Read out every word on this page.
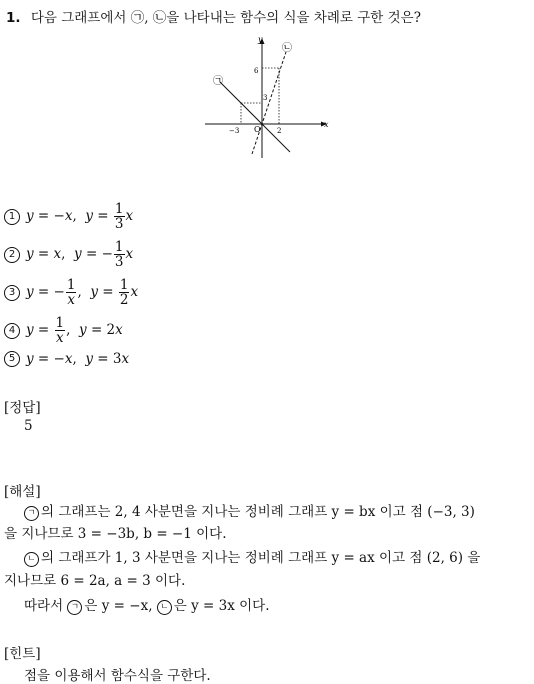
1. 다음 그래프에서 ㉠, ㉡을 나타내는 함수의 식을 차례로 구한 것은?
y
x
O
−3	2
3
6
㉠
㉡
1 y = −x,  $y = \frac{1}{3}$ x
2 y = x,  y = − $\frac{1}{3}$ x
3 y = − $\frac{1}{x}$ ,  $y = \frac{1}{2}$ x
4 $y = \frac{1}{x}$ ,  y = 2x
5 y = −x,  y = 3x
[정답]
5
[해설]
ㄱ 의 그래프는 2, 4 사분면을 지나는 정비례 그래프 y = bx 이고 점 (−3, 3)
을 지나므로 3 = −3b, b = −1 이다.
ㄴ 의 그래프가 1, 3 사분면을 지나는 정비례 그래프 y = ax 이고 점 (2, 6) 을
지나므로 6 = 2a, a = 3 이다.
따라서 ㄱ 은 y = −x, ㄴ 은 y = 3x 이다.
[힌트]
점을 이용해서 함수식을 구한다.
